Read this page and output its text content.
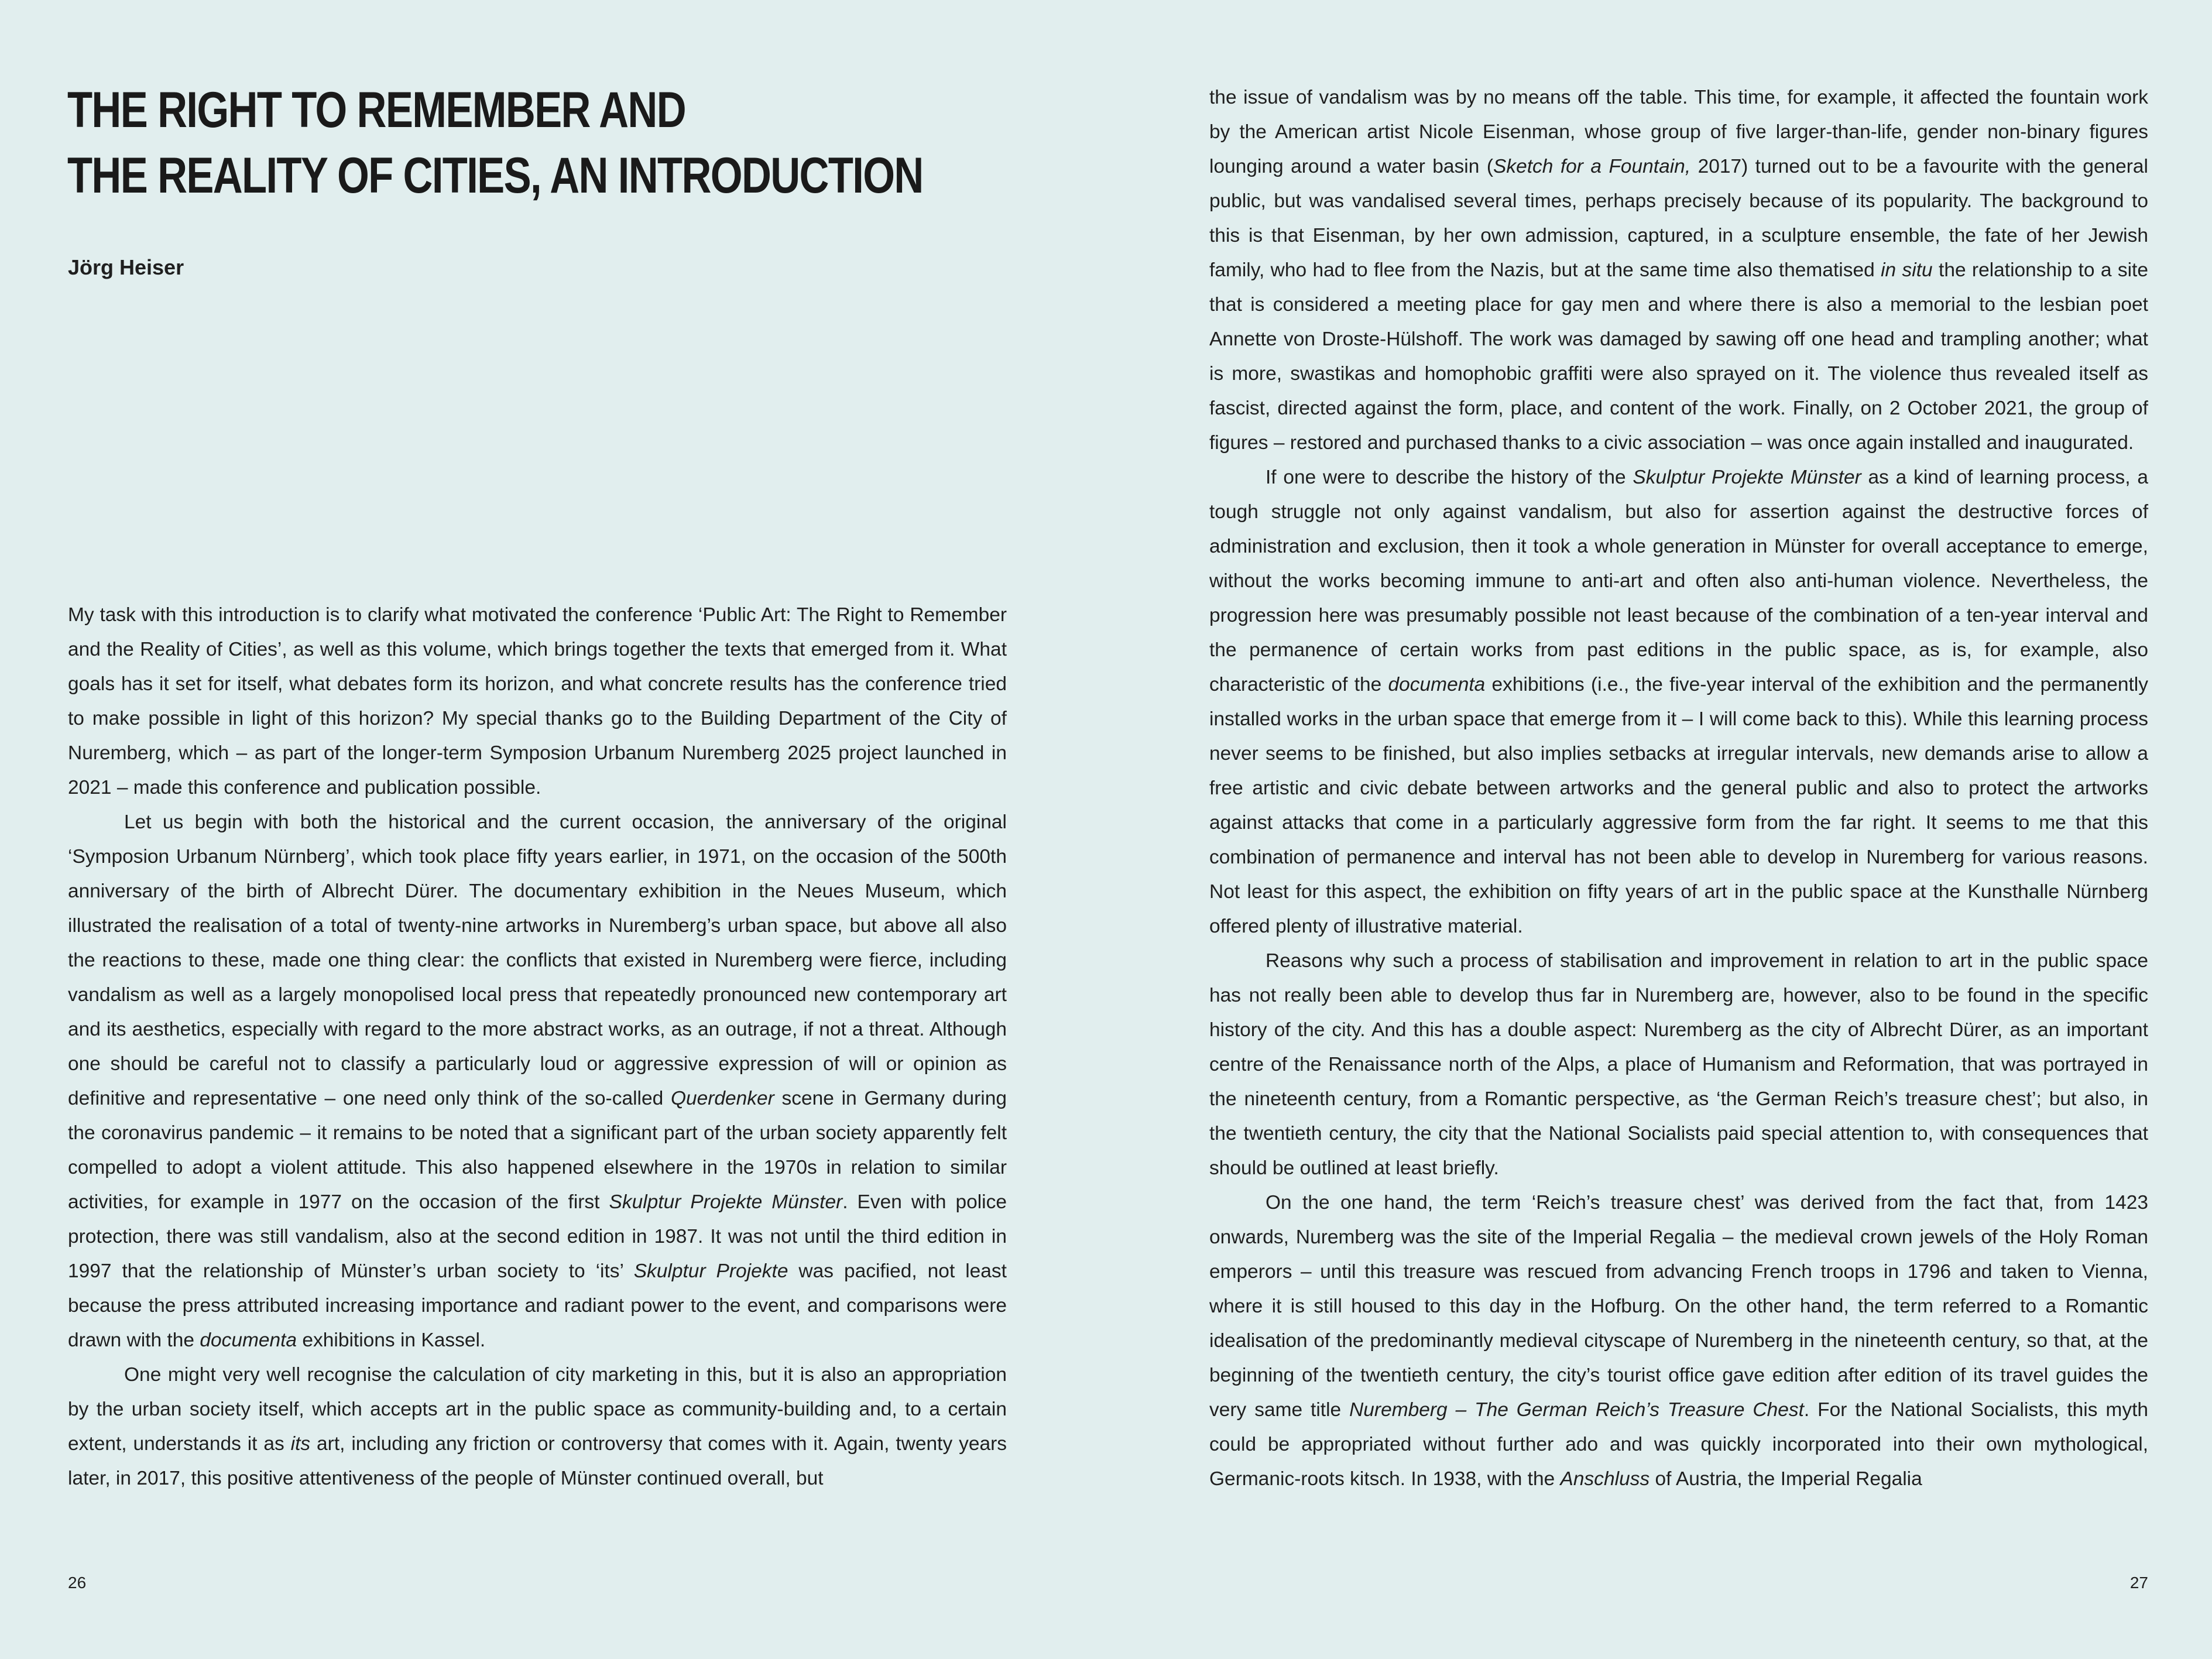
THE RIGHT TO REMEMBER AND
THE REALITY OF CITIES, AN INTRODUCTION
Jörg Heiser

My task with this introduction is to clarify what motivated the conference ‘Public Art: The Right to Remember and the Reality of Cities’, as well as this volume, which brings together the texts that emerged from it. What goals has it set for itself, what debates form its horizon, and what concrete results has the conference tried to make possible in light of this horizon? My special thanks go to the Building Department of the City of Nuremberg, which – as part of the longer-term Symposion Urbanum Nuremberg 2025 project launched in 2021 – made this conference and publication possible.

Let us begin with both the historical and the current occasion, the anniversary of the original ‘Symposion Urbanum Nürnberg’, which took place fifty years earlier, in 1971, on the occasion of the 500th anniversary of the birth of Albrecht Dürer. The documentary exhibition in the Neues Museum, which illustrated the realisation of a total of twenty-nine artworks in Nuremberg’s urban space, but above all also the reactions to these, made one thing clear: the conflicts that existed in Nuremberg were fierce, including vandalism as well as a largely monopolised local press that repeatedly pronounced new contemporary art and its aesthetics, especially with regard to the more abstract works, as an outrage, if not a threat. Although one should be careful not to classify a particularly loud or aggressive expression of will or opinion as definitive and representative – one need only think of the so-called Querdenker scene in Germany during the coronavirus pandemic – it remains to be noted that a significant part of the urban society apparently felt compelled to adopt a violent attitude. This also happened elsewhere in the 1970s in relation to similar activities, for example in 1977 on the occasion of the first Skulptur Projekte Münster. Even with police protection, there was still vandalism, also at the second edition in 1987. It was not until the third edition in 1997 that the relationship of Münster’s urban society to ‘its’ Skulptur Projekte was pacified, not least because the press attributed increasing importance and radiant power to the event, and comparisons were drawn with the documenta exhibitions in Kassel.

One might very well recognise the calculation of city marketing in this, but it is also an appropriation by the urban society itself, which accepts art in the public space as community-building and, to a certain extent, understands it as its art, including any friction or controversy that comes with it. Again, twenty years later, in 2017, this positive attentiveness of the people of Münster continued overall, but

26

the issue of vandalism was by no means off the table. This time, for example, it affected the fountain work by the American artist Nicole Eisenman, whose group of five larger-than-life, gender non-binary figures lounging around a water basin (Sketch for a Fountain, 2017) turned out to be a favourite with the general public, but was vandalised several times, perhaps precisely because of its popularity. The background to this is that Eisenman, by her own admission, captured, in a sculpture ensemble, the fate of her Jewish family, who had to flee from the Nazis, but at the same time also thematised in situ the relationship to a site that is considered a meeting place for gay men and where there is also a memorial to the lesbian poet Annette von Droste-Hülshoff. The work was damaged by sawing off one head and trampling another; what is more, swastikas and homophobic graffiti were also sprayed on it. The violence thus revealed itself as fascist, directed against the form, place, and content of the work. Finally, on 2 October 2021, the group of figures – restored and purchased thanks to a civic association – was once again installed and inaugurated.

If one were to describe the history of the Skulptur Projekte Münster as a kind of learning process, a tough struggle not only against vandalism, but also for assertion against the destructive forces of administration and exclusion, then it took a whole generation in Münster for overall acceptance to emerge, without the works becoming immune to anti-art and often also anti-human violence. Nevertheless, the progression here was presumably possible not least because of the combination of a ten-year interval and the permanence of certain works from past editions in the public space, as is, for example, also characteristic of the documenta exhibitions (i.e., the five-year interval of the exhibition and the permanently installed works in the urban space that emerge from it – I will come back to this). While this learning process never seems to be finished, but also implies setbacks at irregular intervals, new demands arise to allow a free artistic and civic debate between artworks and the general public and also to protect the artworks against attacks that come in a particularly aggressive form from the far right. It seems to me that this combination of permanence and interval has not been able to develop in Nuremberg for various reasons. Not least for this aspect, the exhibition on fifty years of art in the public space at the Kunsthalle Nürnberg offered plenty of illustrative material.

Reasons why such a process of stabilisation and improvement in relation to art in the public space has not really been able to develop thus far in Nuremberg are, however, also to be found in the specific history of the city. And this has a double aspect: Nuremberg as the city of Albrecht Dürer, as an important centre of the Renaissance north of the Alps, a place of Humanism and Reformation, that was portrayed in the nineteenth century, from a Romantic perspective, as ‘the German Reich’s treasure chest’; but also, in the twentieth century, the city that the National Socialists paid special attention to, with consequences that should be outlined at least briefly.

On the one hand, the term ‘Reich’s treasure chest’ was derived from the fact that, from 1423 onwards, Nuremberg was the site of the Imperial Regalia – the medieval crown jewels of the Holy Roman emperors – until this treasure was rescued from advancing French troops in 1796 and taken to Vienna, where it is still housed to this day in the Hofburg. On the other hand, the term referred to a Romantic idealisation of the predominantly medieval cityscape of Nuremberg in the nineteenth century, so that, at the beginning of the twentieth century, the city’s tourist office gave edition after edition of its travel guides the very same title Nuremberg – The German Reich’s Treasure Chest. For the National Socialists, this myth could be appropriated without further ado and was quickly incorporated into their own mythological, Germanic-roots kitsch. In 1938, with the Anschluss of Austria, the Imperial Regalia

27
